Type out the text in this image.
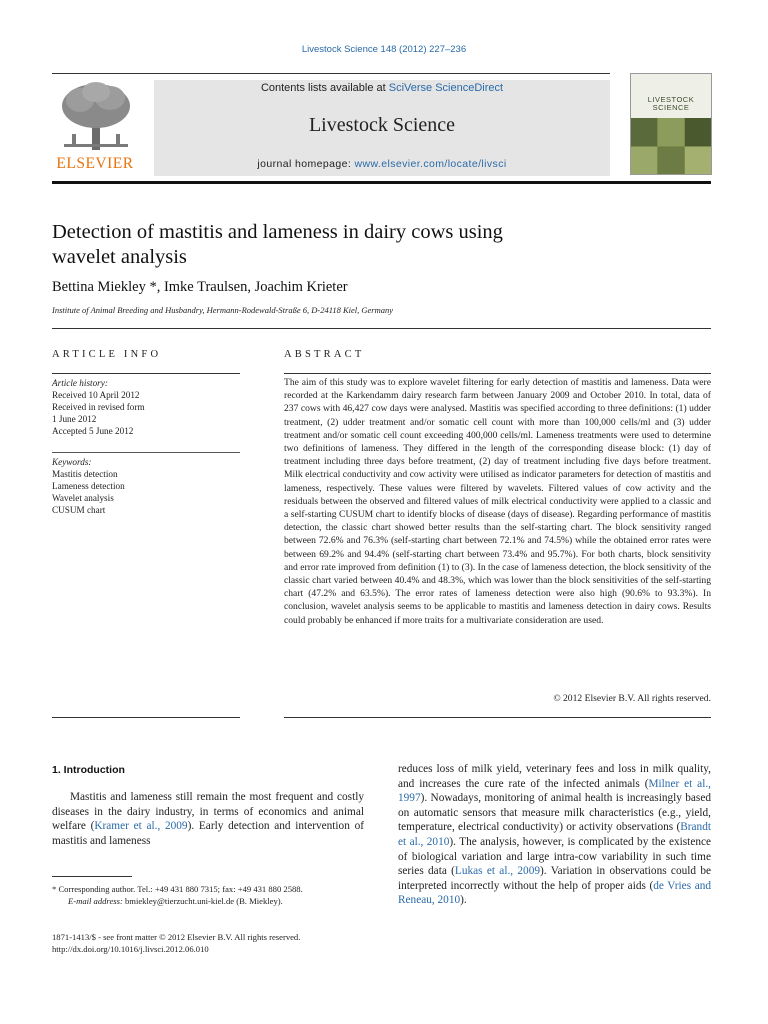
Livestock Science 148 (2012) 227–236
ELSEVIER
Contents lists available at SciVerse ScienceDirect
Livestock Science
journal homepage: www.elsevier.com/locate/livsci
LIVESTOCK
SCIENCE
Detection of mastitis and lameness in dairy cows using
wavelet analysis
Bettina Miekley *, Imke Traulsen, Joachim Krieter
Institute of Animal Breeding and Husbandry, Hermann-Rodewald-Straße 6, D-24118 Kiel, Germany
ARTICLE INFO	ABSTRACT
Article history:
Received 10 April 2012
Received in revised form
1 June 2012
Accepted 5 June 2012
Keywords:
Mastitis detection
Lameness detection
Wavelet analysis
CUSUM chart
The aim of this study was to explore wavelet filtering for early detection of mastitis and lameness. Data were recorded at the Karkendamm dairy research farm between January 2009 and October 2010. In total, data of 237 cows with 46,427 cow days were analysed. Mastitis was specified according to three definitions: (1) udder treatment, (2) udder treatment and/or somatic cell count with more than 100,000 cells/ml and (3) udder treatment and/or somatic cell count exceeding 400,000 cells/ml. Lameness treatments were used to determine two definitions of lameness. They differed in the length of the corresponding disease block: (1) day of treatment including three days before treatment, (2) day of treatment including five days before treatment. Milk electrical conductivity and cow activity were utilised as indicator parameters for detection of mastitis and lameness, respectively. These values were filtered by wavelets. Filtered values of cow activity and the residuals between the observed and filtered values of milk electrical conductivity were applied to a classic and a self-starting CUSUM chart to identify blocks of disease (days of disease). Regarding performance of mastitis detection, the classic chart showed better results than the self-starting chart. The block sensitivity ranged between 72.6% and 76.3% (self-starting chart between 72.1% and 74.5%) while the obtained error rates were between 69.2% and 94.4% (self-starting chart between 73.4% and 95.7%). For both charts, block sensitivity and error rate improved from definition (1) to (3). In the case of lameness detection, the block sensitivity of the classic chart varied between 40.4% and 48.3%, which was lower than the block sensitivities of the self-starting chart (47.2% and 63.5%). The error rates of lameness detection were also high (90.6% to 93.3%). In conclusion, wavelet analysis seems to be applicable to mastitis and lameness detection in dairy cows. Results could probably be enhanced if more traits for a multivariate consideration are used.
© 2012 Elsevier B.V. All rights reserved.
1. Introduction
Mastitis and lameness still remain the most frequent and costly diseases in the dairy industry, in terms of economics and animal welfare (Kramer et al., 2009). Early detection and intervention of mastitis and lameness
reduces loss of milk yield, veterinary fees and loss in milk quality, and increases the cure rate of the infected animals (Milner et al., 1997). Nowadays, monitoring of animal health is increasingly based on automatic sensors that measure milk characteristics (e.g., yield, temperature, electrical conductivity) or activity observations (Brandt et al., 2010). The analysis, however, is complicated by the existence of biological variation and large intra-cow variability in such time series data (Lukas et al., 2009). Variation in observations could be interpreted incorrectly without the help of proper aids (de Vries and Reneau, 2010).
* Corresponding author. Tel.: +49 431 880 7315; fax: +49 431 880 2588.
E-mail address: bmiekley@tierzucht.uni-kiel.de (B. Miekley).
1871-1413/$ - see front matter © 2012 Elsevier B.V. All rights reserved.
http://dx.doi.org/10.1016/j.livsci.2012.06.010
